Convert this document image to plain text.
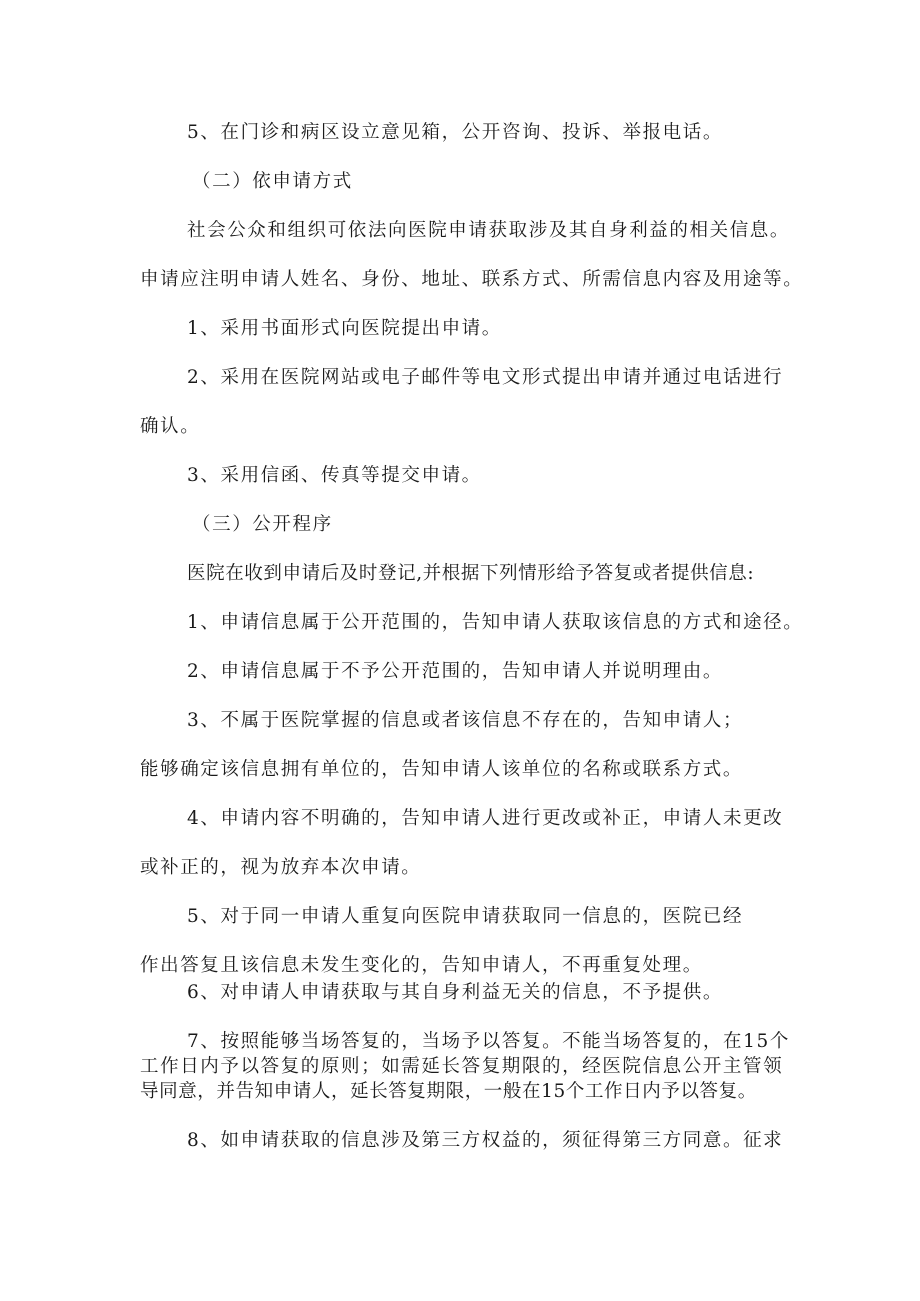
5、在门诊和病区设立意见箱，公开咨询、投诉、举报电话。

（二）依申请方式

社会公众和组织可依法向医院申请获取涉及其自身利益的相关信息。

申请应注明申请人姓名、身份、地址、联系方式、所需信息内容及用途等。

1、采用书面形式向医院提出申请。

2、采用在医院网站或电子邮件等电文形式提出申请并通过电话进行

确认。

3、采用信函、传真等提交申请。

（三）公开程序

医院在收到申请后及时登记,并根据下列情形给予答复或者提供信息:

1、申请信息属于公开范围的，告知申请人获取该信息的方式和途径。

2、申请信息属于不予公开范围的，告知申请人并说明理由。

3、不属于医院掌握的信息或者该信息不存在的，告知申请人；

能够确定该信息拥有单位的，告知申请人该单位的名称或联系方式。

4、申请内容不明确的，告知申请人进行更改或补正，申请人未更改

或补正的，视为放弃本次申请。

5、对于同一申请人重复向医院申请获取同一信息的，医院已经

作出答复且该信息未发生变化的，告知申请人，不再重复处理。

6、对申请人申请获取与其自身利益无关的信息，不予提供。

7、按照能够当场答复的，当场予以答复。不能当场答复的，在15个

工作日内予以答复的原则；如需延长答复期限的，经医院信息公开主管领

导同意，并告知申请人，延长答复期限，一般在15个工作日内予以答复。

8、如申请获取的信息涉及第三方权益的，须征得第三方同意。征求
